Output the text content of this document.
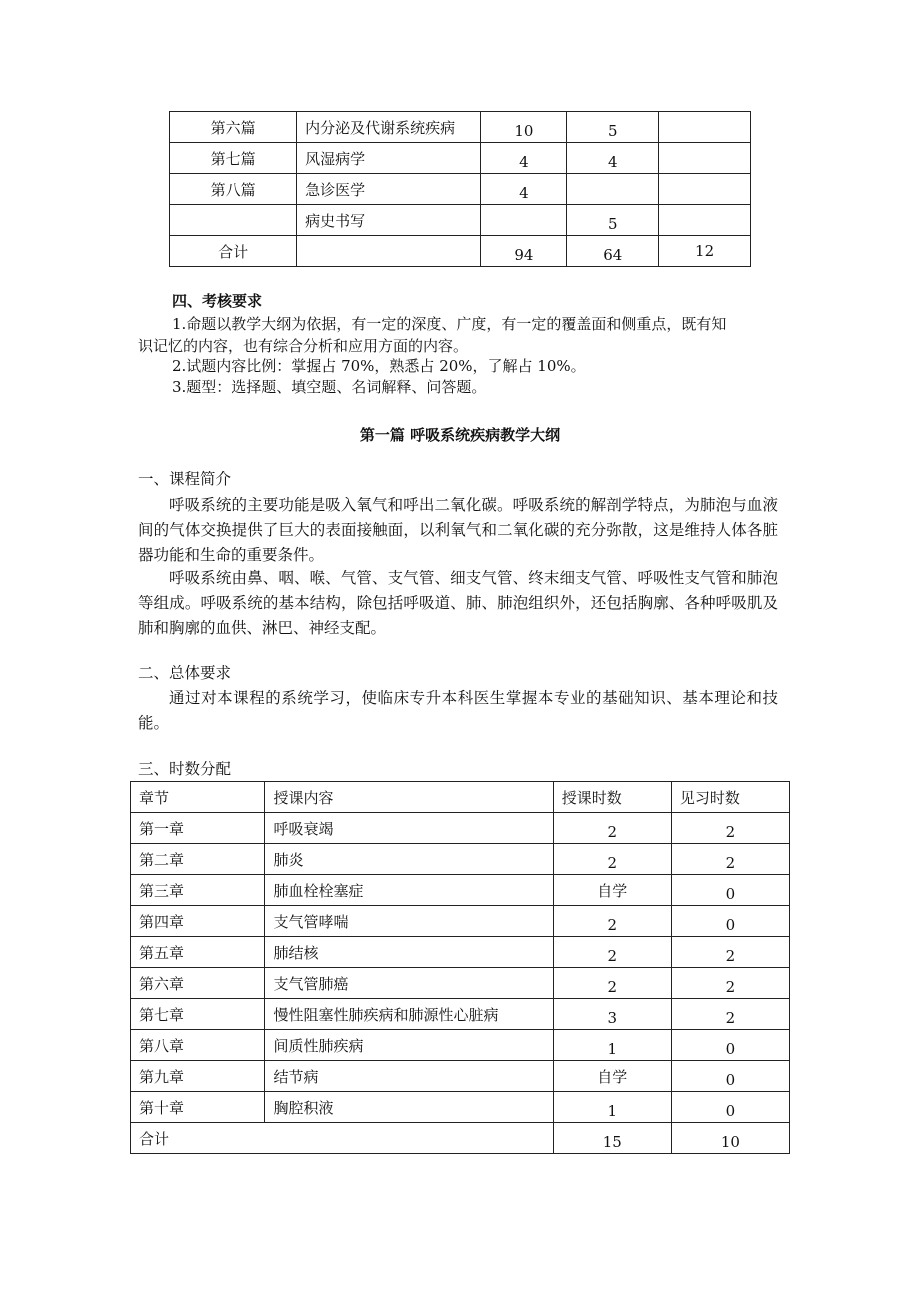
第六篇	内分泌及代谢系统疾病	10	5	
第七篇	风湿病学	4	4	
第八篇	急诊医学	4		
	病史书写		5	
合计		94	64	12
四、考核要求
1.命题以教学大纲为依据，有一定的深度、广度，有一定的覆盖面和侧重点，既有知
识记忆的内容，也有综合分析和应用方面的内容。
2.试题内容比例：掌握占 70%，熟悉占 20%，了解占 10%。
3.题型：选择题、填空题、名词解释、问答题。
第一篇 呼吸系统疾病教学大纲
一、课程简介
呼吸系统的主要功能是吸入氧气和呼出二氧化碳。呼吸系统的解剖学特点，为肺泡与血液间的气体交换提供了巨大的表面接触面，以利氧气和二氧化碳的充分弥散，这是维持人体各脏器功能和生命的重要条件。
呼吸系统由鼻、咽、喉、气管、支气管、细支气管、终末细支气管、呼吸性支气管和肺泡等组成。呼吸系统的基本结构，除包括呼吸道、肺、肺泡组织外，还包括胸廓、各种呼吸肌及肺和胸廓的血供、淋巴、神经支配。
二、总体要求
通过对本课程的系统学习，使临床专升本科医生掌握本专业的基础知识、基本理论和技能。
三、时数分配
章节	授课内容	授课时数	见习时数
第一章	呼吸衰竭	2	2
第二章	肺炎	2	2
第三章	肺血栓栓塞症	自学	0
第四章	支气管哮喘	2	0
第五章	肺结核	2	2
第六章	支气管肺癌	2	2
第七章	慢性阻塞性肺疾病和肺源性心脏病	3	2
第八章	间质性肺疾病	1	0
第九章	结节病	自学	0
第十章	胸腔积液	1	0
合计		15	10
